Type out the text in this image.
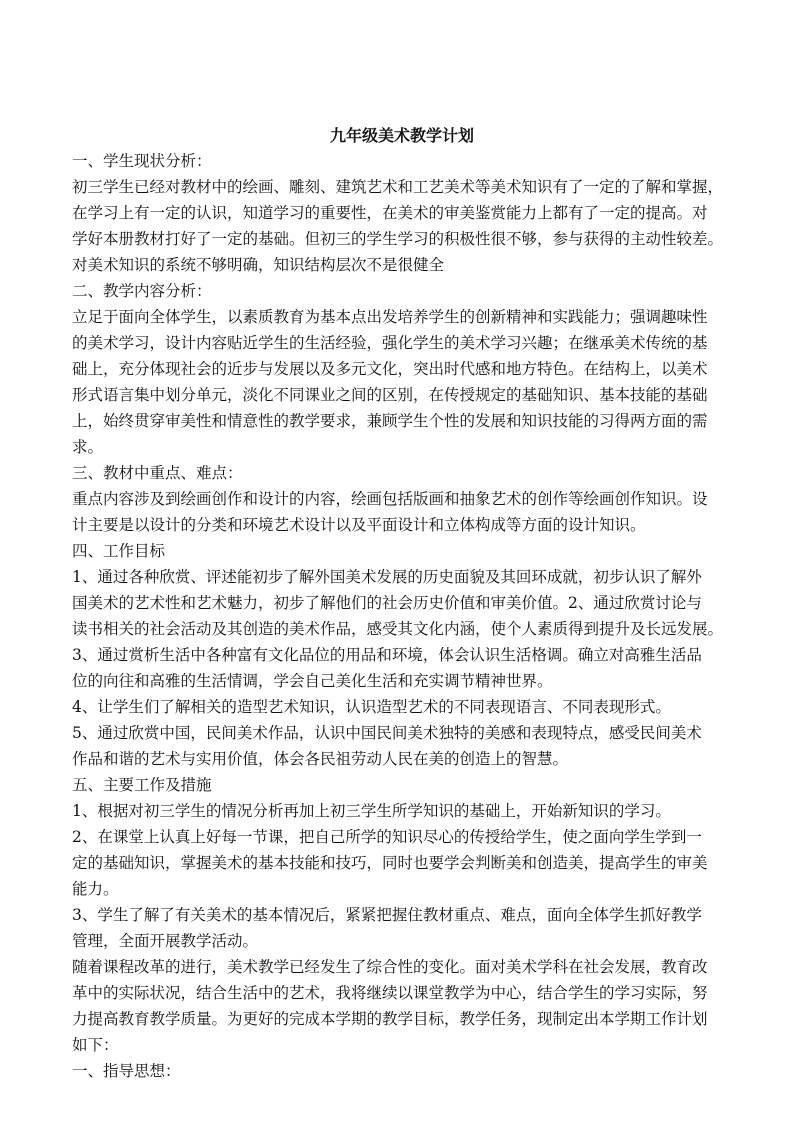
九年级美术教学计划

一、学生现状分析：
初三学生已经对教材中的绘画、雕刻、建筑艺术和工艺美术等美术知识有了一定的了解和掌握，
在学习上有一定的认识，知道学习的重要性，在美术的审美鉴赏能力上都有了一定的提高。对
学好本册教材打好了一定的基础。但初三的学生学习的积极性很不够，参与获得的主动性较差。
对美术知识的系统不够明确，知识结构层次不是很健全
二、教学内容分析：
立足于面向全体学生，以素质教育为基本点出发培养学生的创新精神和实践能力；强调趣味性
的美术学习，设计内容贴近学生的生活经验，强化学生的美术学习兴趣；在继承美术传统的基
础上，充分体现社会的近步与发展以及多元文化，突出时代感和地方特色。在结构上，以美术
形式语言集中划分单元，淡化不同课业之间的区别，在传授规定的基础知识、基本技能的基础
上，始终贯穿审美性和情意性的教学要求，兼顾学生个性的发展和知识技能的习得两方面的需
求。
三、教材中重点、难点：
重点内容涉及到绘画创作和设计的内容，绘画包括版画和抽象艺术的创作等绘画创作知识。设
计主要是以设计的分类和环境艺术设计以及平面设计和立体构成等方面的设计知识。
四、工作目标
1、通过各种欣赏、评述能初步了解外国美术发展的历史面貌及其回环成就，初步认识了解外
国美术的艺术性和艺术魅力，初步了解他们的社会历史价值和审美价值。2、通过欣赏讨论与
读书相关的社会活动及其创造的美术作品，感受其文化内涵，使个人素质得到提升及长远发展。
3、通过赏析生活中各种富有文化品位的用品和环境，体会认识生活格调。确立对高雅生活品
位的向往和高雅的生活情调，学会自己美化生活和充实调节精神世界。
4、让学生们了解相关的造型艺术知识，认识造型艺术的不同表现语言、不同表现形式。
5、通过欣赏中国，民间美术作品，认识中国民间美术独特的美感和表现特点，感受民间美术
作品和谐的艺术与实用价值，体会各民祖劳动人民在美的创造上的智慧。
五、主要工作及措施
1、根据对初三学生的情况分析再加上初三学生所学知识的基础上，开始新知识的学习。
2、在课堂上认真上好每一节课，把自己所学的知识尽心的传授给学生，使之面向学生学到一
定的基础知识，掌握美术的基本技能和技巧，同时也要学会判断美和创造美，提高学生的审美
能力。
3、学生了解了有关美术的基本情况后，紧紧把握住教材重点、难点，面向全体学生抓好教学
管理，全面开展教学活动。
随着课程改革的进行，美术教学已经发生了综合性的变化。面对美术学科在社会发展，教育改
革中的实际状况，结合生活中的艺术，我将继续以课堂教学为中心，结合学生的学习实际，努
力提高教育教学质量。为更好的完成本学期的教学目标，教学任务，现制定出本学期工作计划
如下：
一、指导思想：
